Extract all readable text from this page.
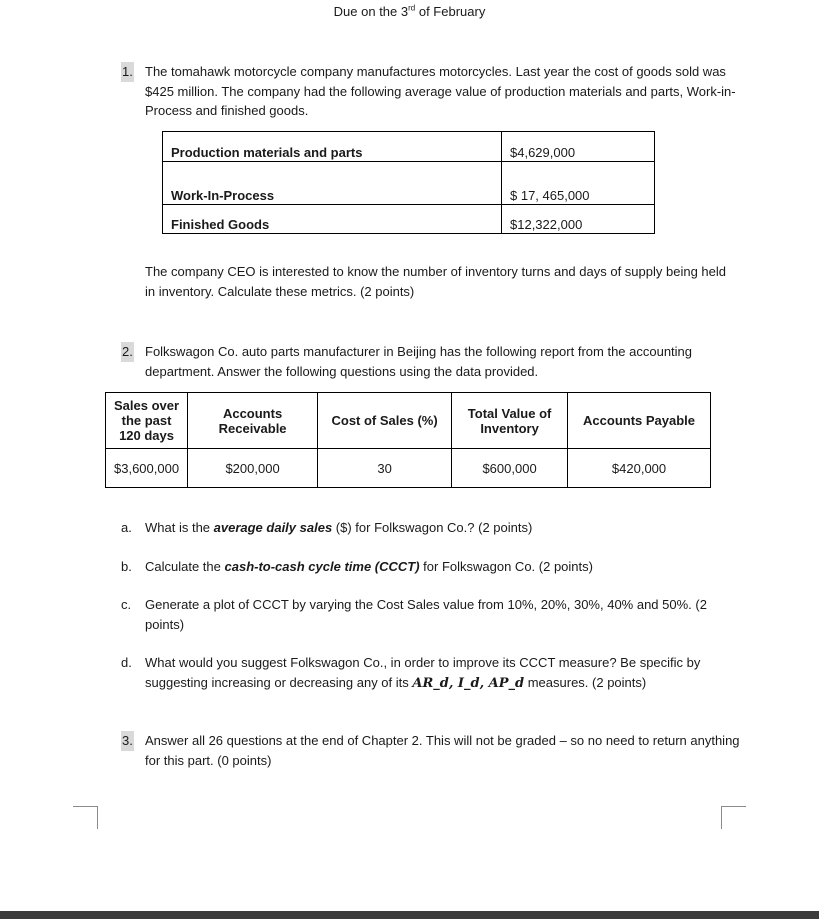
Due on the 3rd of February
1. The tomahawk motorcycle company manufactures motorcycles. Last year the cost of goods sold was $425 million. The company had the following average value of production materials and parts, Work-in-Process and finished goods.
Production materials and parts	$4,629,000
Work-In-Process	$ 17, 465,000
Finished Goods	$12,322,000
The company CEO is interested to know the number of inventory turns and days of supply being held in inventory. Calculate these metrics. (2 points)
2. Folkswagon Co. auto parts manufacturer in Beijing has the following report from the accounting department. Answer the following questions using the data provided.
Sales over the past 120 days	Accounts Receivable	Cost of Sales (%)	Total Value of Inventory	Accounts Payable
$3,600,000	$200,000	30	$600,000	$420,000
a. What is the average daily sales ($) for Folkswagon Co.? (2 points)
b. Calculate the cash-to-cash cycle time (CCCT) for Folkswagon Co. (2 points)
c. Generate a plot of CCCT by varying the Cost Sales value from 10%, 20%, 30%, 40% and 50%. (2 points)
d. What would you suggest Folkswagon Co., in order to improve its CCCT measure? Be specific by suggesting increasing or decreasing any of its AR_d, I_d, AP_d measures. (2 points)
3. Answer all 26 questions at the end of Chapter 2. This will not be graded – so no need to return anything for this part. (0 points)
